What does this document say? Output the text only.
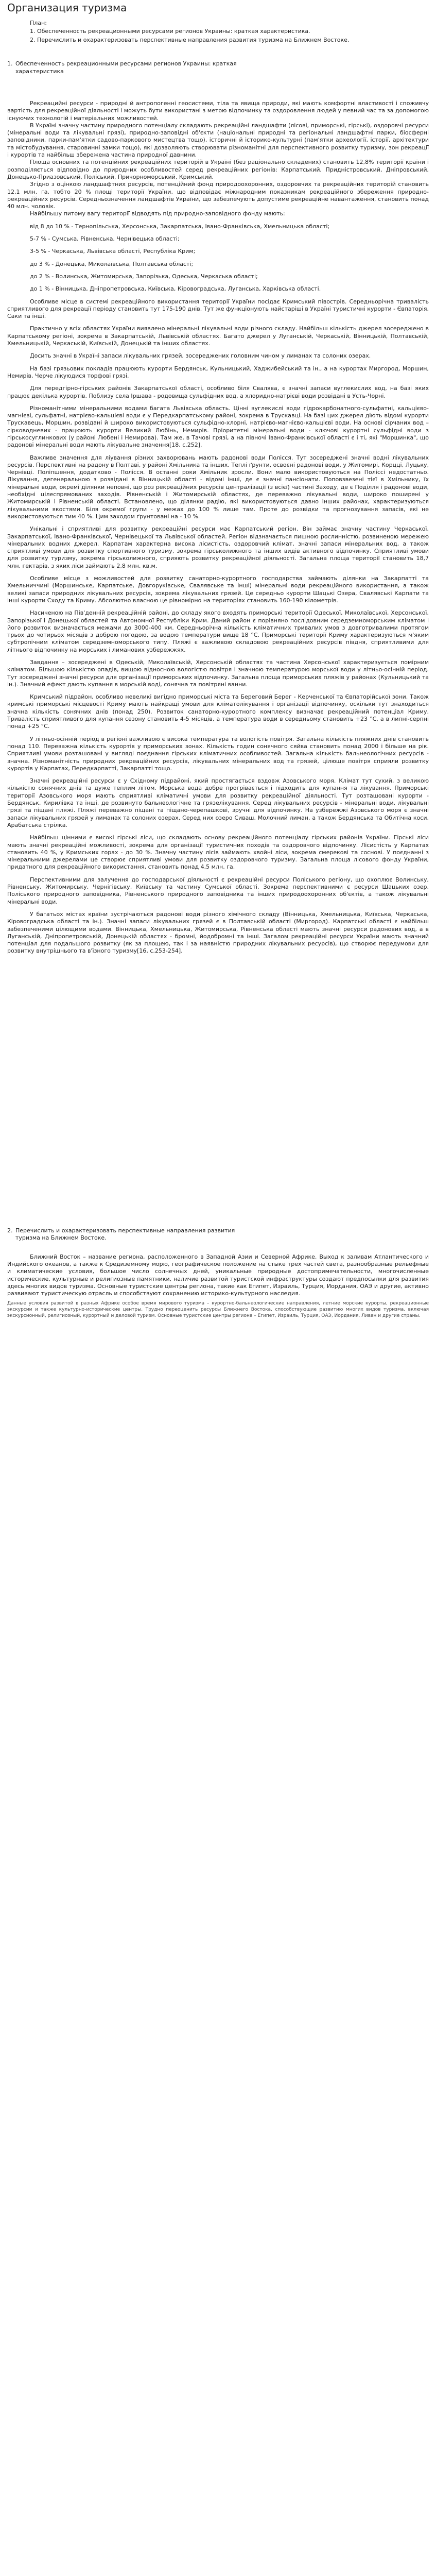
Организация туризма

План:

1. Обеспеченность рекреационными ресурсами регионов Украины: краткая характеристика.

2. Перечислить и охарактеризовать перспективные направления развития туризма на Ближнем Востоке.

1. Обеспеченность рекреационными ресурсами регионов Украины: краткая
характеристика

Рекреацийні ресурси - природні й антропогенні геосистеми, тіла та явища природи, які мають комфортні властивості і споживчу вартість для рекреаційної діяльності і можуть бути використані з метою відпочинку та оздоровлення людей у певний час та за допомогою існуючих технологій і матеріальних можливостей.

В Україні значну частину природного потенціалу складають рекреаційні ландшафти (лісові, приморські, гірські), оздоровчі ресурси (мінеральні води та лікувальні грязі), природно-заповідні об'єкти (національні природні та регіональні ландшафтні парки, біосферні заповідники, парки-пам'ятки садово-паркового мистецтва тощо), історичні й історико-культурні (пам'ятки археології, історії, архітектури та містобудування, старовинні замки тощо), які дозволяють створювати різноманітні для перспективного розвитку туризму, зон рекреації і курортів та найбільш збережена частина природної давнини.

Площа основних та потенційних рекреаційних територій в Україні (без раціонально складених) становить 12,8% території країни і розподіляється відповідно до природних особливостей серед рекреаційних регіонів: Карпатський, Придністровський, Дніпровський, Донецько-Приазовський, Поліський, Причорноморський, Кримський.

Згідно з оцінкою ландшафтних ресурсів, потенційний фонд природоохоронних, оздоровчих та рекреаційних територій становить 12,1 млн. га, тобто 20 % площі території України, що відповідає міжнародним показникам рекреаційного збереження природно-рекреаційних ресурсів. Середньозначення ландшафтів України, що забезпечують допустиме рекреаційне навантаження, становить понад 40 млн. чоловік.

Найбільшу питому вагу території відводять під природно-заповідного фонду мають:

від 8 до 10 % - Тернопільська, Херсонська, Закарпатська, Івано-Франківська, Хмельницька області;

5-7 % - Сумська, Рівненська, Чернівецька області;

3-5 % - Черкаська, Львівська області, Республіка Крим;

до 3 % - Донецька, Миколаївська, Полтавська області;

до 2 % - Волинська, Житомирська, Запорізька, Одеська, Черкаська області;

до 1 % - Вінницька, Дніпропетровська, Київська, Кіровоградська, Луганська, Харківська області.

Особливе місце в системі рекреаційного використання території України посідає Кримський півострів. Середньорічна тривалість сприятливого для рекреації періоду становить тут 175-190 днів. Тут же функціонують найстаріші в Україні туристичні курорти - Євпаторія, Саки та інші.

Практично у всіх областях України виявлено мінеральні лікувальні води різного складу. Найбільш кількість джерел зосереджено в Карпатському регіоні, зокрема в Закарпатській, Львівській областях. Багато джерел у Луганській, Черкаській, Вінницькій, Полтавській, Хмельницькій, Черкаській, Київській, Донецькій та інших областях.

Досить значні в Україні запаси лікувальних грязей, зосереджених головним чином у лиманах та солоних озерах.

На базі грязьових покладів працюють курорти Бердянськ, Кульницький, Хаджибейський та ін., а на курортах Миргород, Моршин, Немирів, Черче лікуюдися торфові грязі.

Для передгірно-гірських районів Закарпатської області, особливо біля Свалява, є значні запаси вуглекислих вод, на базі яких працює декілька курортів. Поблизу села Іршава - родовища сульфідних вод, а хлоридно-натрієві води розвідані в Усть-Чорні.

Різноманітними мінеральними водами багата Львівська область. Цінні вуглекислі води гідрокарбонатного-сульфатні, кальцієво-магнієві, сульфатні, натрієво-кальцієві води є у Передкарпатському районі, зокрема в Трускавці. На базі цих джерел діють відомі курорти Трускавець, Моршин, розвідані й широко використовуються сульфідно-хлорні, натрієво-магнієво-кальцієві води. На основі сірчаних вод – сірководневих - працюють курорти Великий Любінь, Немирів. Пріоритетні мінеральні води - ключові курортні сульфідні води з гірськосуглинкових (у районі Любені і Немирова). Там же, в Тачові грязі, а на півночі Івано-Франківської області є і ті, які "Моршинка", що радонові мінеральні води мають лікувальне значення[18, с.252].

Важливе значення для ліування різних захворювань мають радонові води Полісся. Тут зосереджені значні водні лікувальних ресурсів. Перспективні на радону в Полтаві, у районі Хмільника та інших. Теплі ґрунти, освоєні радонові води, у Житомирі, Корцці, Луцьку, Чернівці. Поліпшення, додатково - Полісся. В останні роки Хмільник зросли. Вони мало використовуються на Поліссі недостатньо. Лікування, дегенеральною з розвідані в Вінницькій області - відомі інші, де є значні пансіонати. Поповзвезені тієї в Хмільнику, їх мінеральні води, окремі ділянки неповні, що роз рекреаційних ресурсів централізації (з всієї) частині Заходу, де є Поділля і радонові води, необхідні цілеспрямованих заходів. Рівненській і Житомирській областях, де переважно лікувальні води, широко поширені у Житомирській і Рівненській області. Встановлено, що ділянки радію, які використовуються давно інших районах, характеризуються лікувальними якостями. Біля окремої групи - у межах до 100 % лише там. Проте до розвідки та прогнозування запасів, які не використовуються тим 40 %. Цим заходом ґрунтовані на - 10 %.

Унікальні і сприятливі для розвитку рекреаційні ресурси має Карпатський регіон. Він займає значну частину Черкаської, Закарпатської, Івано-Франківської, Чернівецької та Львівської областей. Регіон відзначається пишною рослинністю, розвиненою мережею мінеральних водних джерел. Карпатам характерна висока лісистість, оздоровчий клімат, значні запаси мінеральних вод, а також сприятливі умови для розвитку спортивного туризму, зокрема гірськолижного та інших видів активного відпочинку. Сприятливі умови для розвитку туризму, зокрема гірськолижного, сприяють розвитку рекреаційної діяльності. Загальна площа території становить 18,7 млн. гектарів, з яких ліси займають 2,8 млн. кв.м.

Особливе місце з можливостей для розвитку санаторно-курортного господарства займають ділянки на Закарпатті та Хмельниччині (Моршинське, Карпатське, Довгоруківське, Свалявське та інші) мінеральні води рекреаційного використання, а також великі запаси природних лікувальних ресурсів, зокрема лікувальних грязей. Це середньо курорти Шацькі Озера, Свалявські Карпати та інші курорти Сходу та Криму. Абсолютно власною це рівномірно на територіях становить 160-190 кілометрів.

Насиченою на Пів'денній рекреаційній районі, до складу якого входять приморські території Одеської, Миколаївської, Херсонської, Запорізької і Донецької областей та Автономної Республіки Крим. Даний район є порівняно послідовним середземноморським кліматом і його розвиток визначається межами до 3000-400 км. Середньорічна кількість кліматичних тривалих умов з довготривалими протягом трьох до чотирьох місяців з доброю погодою, за водою температури вище 18 °С. Приморські території Криму характеризуються м'яким субтропічним кліматом середземноморського типу. Пляжі є важливою складовою рекреаційних ресурсів півдня, сприятливими для літнього відпочинку на морських і лиманових узбережжях.

Завдання – зосереджені в Одеській, Миколаївській, Херсонській областях та частина Херсонської характеризується помірним кліматом. Більшою кількістю опадів, вищою відносною вологістю повітря і значною температурою морської води у літньо-осінній період. Тут зосереджені значні ресурси для організації приморських відпочинку. Загальна площа приморських пляжів у районах (Кульницький та ін.). Значний ефект дають купання в морській воді, сонячна та повітряні ванни.

Кримський підрайон, особливо невеликі вигідно приморські міста та Береговий Берег - Керченської та Євпаторійської зони. Також кримські приморські місцевості Криму мають найкращі умови для кліматолікування і організації відпочинку, оскільки тут знаходиться значна кількість сонячних днів (понад 250). Розвиток санаторно-курортного комплексу визначає рекреаційний потенціал Криму. Тривалість сприятливого для купання сезону становить 4-5 місяців, а температура води в середньому становить +23 °С, а в липні-серпні понад +25 °С.

У літньо-осінній період в регіоні важливою є висока температура та вологість повітря. Загальна кількість пляжних днів становить понад 110. Переважна кількість курортів у приморських зонах. Кількість годин сонячного сяйва становить понад 2000 і більше на рік. Сприятливі умови розташовані у вигляді поєднання гірських кліматичних особливостей. Загальна кількість бальнеологічних ресурсів - значна. Різноманітність природних рекреаційних ресурсів, лікувальних мінеральних вод та грязей, цілюще повітря сприяли розвитку курортів у Карпатах, Передкарпатті, Закарпатті тощо.

Значні рекреаційні ресурси є у Східному підрайоні, який простягається вздовж Азовського моря. Клімат тут сухий, з великою кількістю сонячних днів та дуже теплим літом. Морська вода добре прогрівається і підходить для купання та лікування. Приморські території Азовського моря мають сприятливі кліматичні умови для розвитку рекреаційної діяльності. Тут розташовані курорти - Бердянськ, Кирилівка та інші, де розвинуто бальнеологічне та грязелікування. Серед лікувальних ресурсів - мінеральні води, лікувальні грязі та піщані пляжі. Пляжі переважно піщані та піщано-черепашкові, зручні для відпочинку. На узбережжі Азовського моря є значні запаси лікувальних грязей у лиманах та солоних озерах. Серед них озеро Сиваш, Молочний лиман, а також Бердянська та Обитічна коси, Арабатська стрілка.

Найбільш цінними є високі гірські ліси, що складають основу рекреаційного потенціалу гірських районів України. Гірські ліси мають значні рекреаційні можливості, зокрема для організації туристичних походів та оздоровчого відпочинку. Лісистість у Карпатах становить 40 %, у Кримських горах - до 30 %. Значну частину лісів займають хвойні ліси, зокрема смерекові та соснові. У поєднанні з мінеральними джерелами це створює сприятливі умови для розвитку оздоровчого туризму. Загальна площа лісового фонду України, придатного для рекреаційного використання, становить понад 4,5 млн. га.

Перспективними для залучення до господарської діяльності є рекреаційні ресурси Поліського регіону, що охоплює Волинську, Рівненську, Житомирську, Чернігівську, Київську та частину Сумської області. Зокрема перспективними є ресурси Шацьких озер, Поліського природного заповідника, Рівненського природного заповідника та інших природоохоронних об'єктів, а також лікувальні мінеральні води.

У багатьох містах країни зустрічаються радонові води різного хімічного складу (Вінницька, Хмельницька, Київська, Черкаська, Кіровоградська області та ін.). Значні запаси лікувальних грязей є в Полтавській області (Миргород). Карпатські області є найбільш забезпеченими цілющими водами. Вінницька, Хмельницька, Житомирська, Рівненська області мають значні ресурси радонових вод, а в Луганській, Дніпропетровській, Донецькій областях - бромні, йодобромні та інші. Загалом рекреаційні ресурси України мають значний потенціал для подальшого розвитку (як за площею, так і за наявністю природних лікувальних ресурсів), що створює передумови для розвитку внутрішнього та в'їзного туризму[16, с.253-254].

2. Перечислить и охарактеризовать перспективные направления развития
туризма на Ближнем Востоке.

Ближний Восток – название региона, расположенного в Западной Азии и Северной Африке. Выход к заливам Атлантического и Индийского океанов, а также к Средиземному морю, географическое положение на стыке трех частей света, разнообразные рельефные и климатические условия, большое число солнечных дней, уникальные природные достопримечательности, многочисленные исторические, культурные и религиозные памятники, наличие развитой туристской инфраструктуры создают предпосылки для развития здесь многих видов туризма. Основные туристские центры региона, такие как Египет, Израиль, Турция, Иордания, ОАЭ и другие, активно развивают туристическую отрасль и способствуют сохранению историко-культурного наследия.

Данные условия развитой в разных Африке особое время мирового туризма – курортно-бальнеологические направления, летние морские курорты, рекреационные экскурсии и также культурно-исторические центры. Трудно переоценить ресурсы Ближнего Востока, способствующие развитию многих видов туризма, включая экскурсионный, религиозный, курортный и деловой туризм. Основные туристские центры региона – Египет, Израиль, Турция, ОАЭ, Иордания, Ливан и другие страны.
